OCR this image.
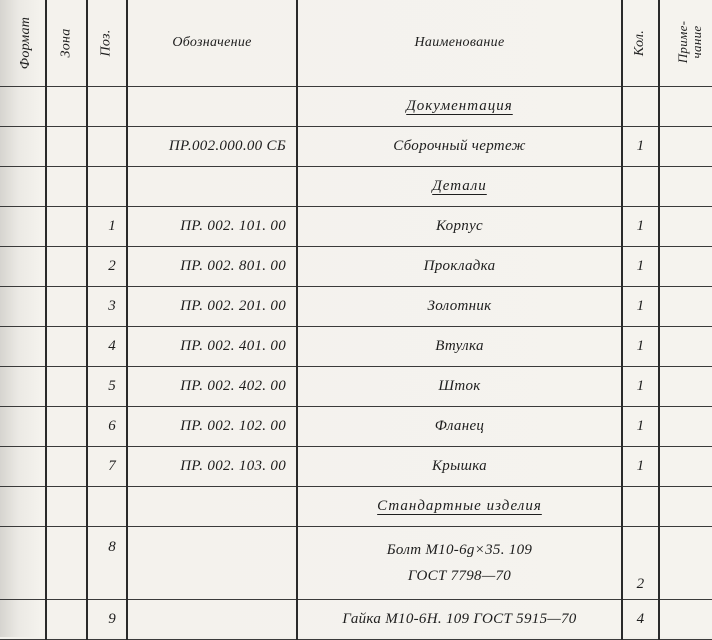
Формат	Зона	Поз.	Обозначение	Наименование	Кол.	Приме-чание
				Документация		
			ПР.002.000.00 СБ	Сборочный чертеж	1	
				Детали		
		1	ПР. 002. 101. 00	Корпус	1	
		2	ПР. 002. 801. 00	Прокладка	1	
		3	ПР. 002. 201. 00	Золотник	1	
		4	ПР. 002. 401. 00	Втулка	1	
		5	ПР. 002. 402. 00	Шток	1	
		6	ПР. 002. 102. 00	Фланец	1	
		7	ПР. 002. 103. 00	Крышка	1	
				Стандартные изделия		
		8		Болт М10-6g×35. 109
ГОСТ 7798—70	2	
		9		Гайка М10-6Н. 109 ГОСТ 5915—70	4	
